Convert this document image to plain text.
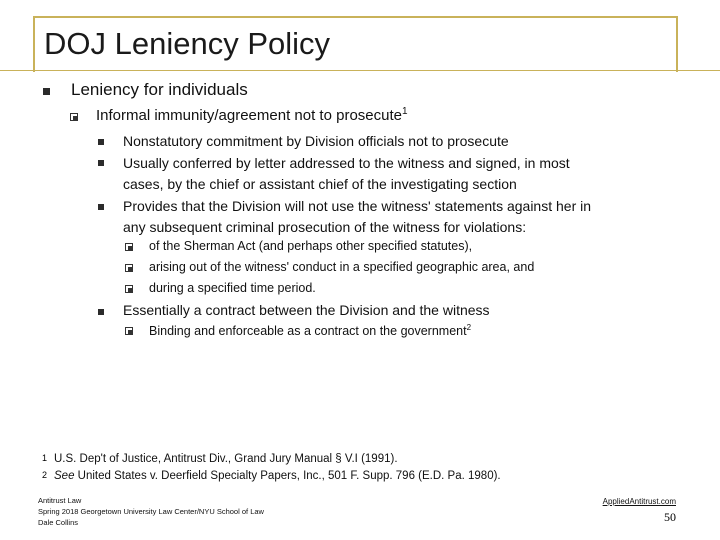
DOJ Leniency Policy
Leniency for individuals
Informal immunity/agreement not to prosecute$^1$
Nonstatutory commitment by Division officials not to prosecute
Usually conferred by letter addressed to the witness and signed, in most
cases, by the chief or assistant chief of the investigating section
Provides that the Division will not use the witness' statements against her in
any subsequent criminal prosecution of the witness for violations:
of the Sherman Act (and perhaps other specified statutes),
arising out of the witness' conduct in a specified geographic area, and
during a specified time period.
Essentially a contract between the Division and the witness
Binding and enforceable as a contract on the government$^2$
1 U.S. Dep't of Justice, Antitrust Div., Grand Jury Manual § V.I (1991).
2 See United States v. Deerfield Specialty Papers, Inc., 501 F. Supp. 796 (E.D. Pa. 1980).
Antitrust Law
Spring 2018 Georgetown University Law Center/NYU School of Law
Dale Collins
AppliedAntitrust.com
50
